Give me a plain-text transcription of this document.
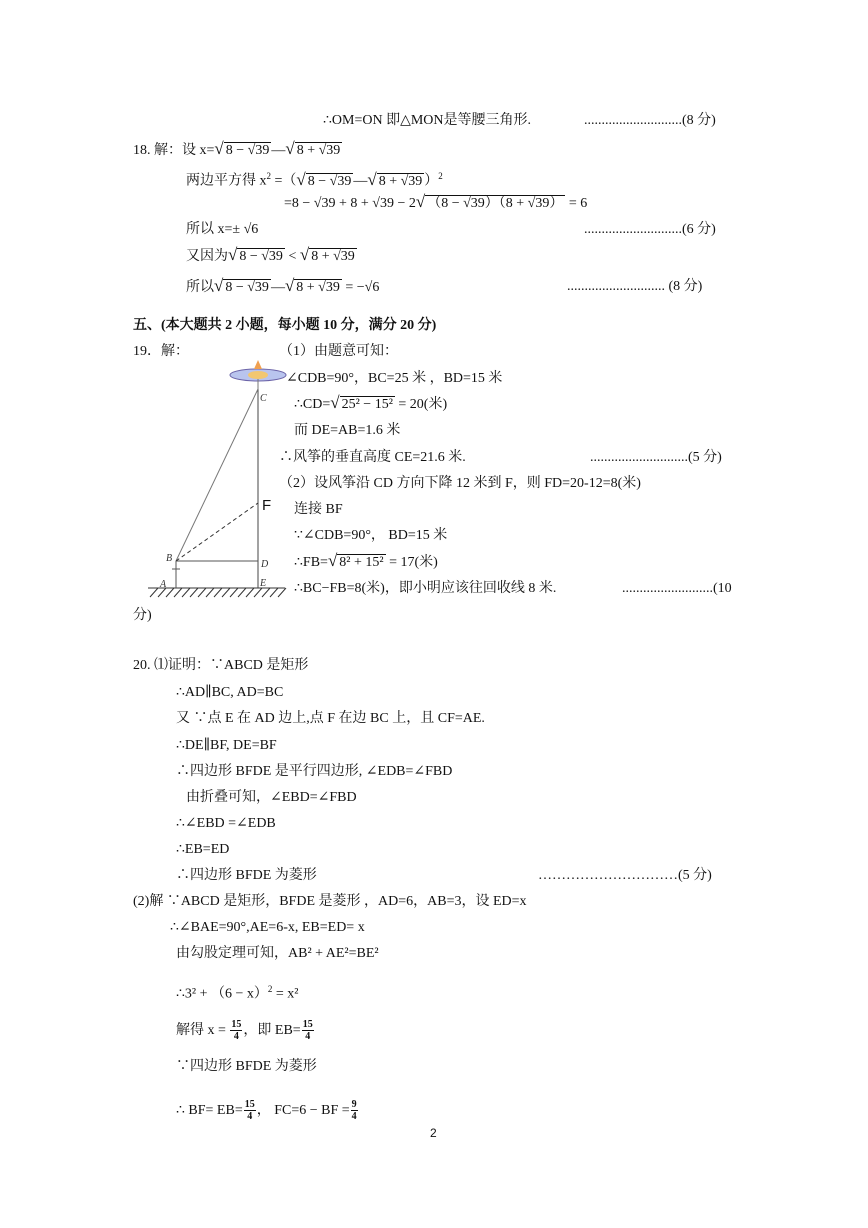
∴OM=ON 即△MON是等腰三角形.	............................(8 分)
18. 解：设 x= √ 8 − √39 — √ 8 + √39
两边平方得 $x^2$ =（ √ 8 − √39 — √ 8 + √39 ）$^2$
=8 − √39 + 8 + √39 − 2 √ （8 − √39）（8 + √39） = 6
所以 x=± √6	............................(6 分)
又因为 √ 8 − √39 < √ 8 + √39
所以 √ 8 − √39 — √ 8 + √39 = −√6	............................ (8 分)
五、(本大题共 2 小题，每小题 10 分，满分 20 分)
19．解：	（1）由题意可知：
∠CDB=90°，BC=25 米 ，BD=15 米
∴CD= √ 25² − 15² = 20(米)
而 DE=AB=1.6 米
∴风筝的垂直高度 CE=21.6 米.	............................(5 分)
（2）设风筝沿 CD 方向下降 12 米到 F，则 FD=20-12=8(米)
连接 BF
∵∠CDB=90°， BD=15 米
∴FB= √ 8² + 15² = 17(米)
∴BC−FB=8(米)，即小明应该往回收线 8 米.	..........................(10
分)
C
F
B
D
A	E
20. ⑴证明：∵ABCD 是矩形
∴AD∥BC, AD=BC
又 ∵点 E 在 AD 边上,点 F 在边 BC 上，且 CF=AE.
∴DE∥BF, DE=BF
∴四边形 BFDE 是平行四边形, ∠EDB=∠FBD
由折叠可知，∠EBD=∠FBD
∴∠EBD =∠EDB
∴EB=ED
∴四边形 BFDE 为菱形	…………………………(5 分)
(2)解 ∵ABCD 是矩形，BFDE 是菱形 ，AD=6，AB=3，设 ED=x
∴∠BAE=90°,AE=6-x, EB=ED= x
由勾股定理可知，AB² + AE²=BE²
∴3² + $(6 - x)^2 = x^2$
解得 $x = \frac{15}{4}$ ，即 $EB= \frac{15}{4}$
∵四边形 BFDE 为菱形
∴ $BF= EB= \frac{15}{4}$ ， FC=6 − BF = $\frac{9}{4}$
2
